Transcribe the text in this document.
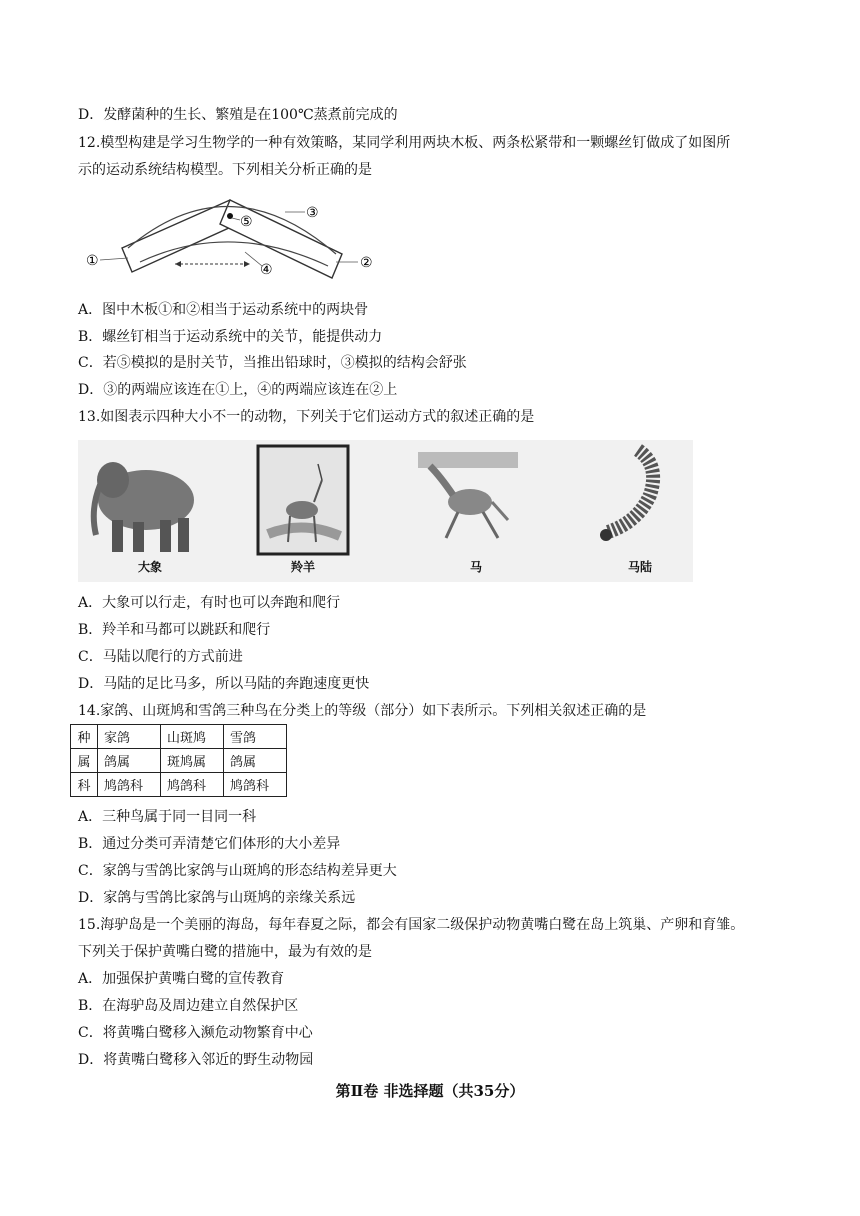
D．发酵菌种的生长、繁殖是在100℃蒸煮前完成的
12.模型构建是学习生物学的一种有效策略，某同学利用两块木板、两条松紧带和一颗螺丝钉做成了如图所
示的运动系统结构模型。下列相关分析正确的是
①	②
③
④
⑤
A．图中木板①和②相当于运动系统中的两块骨
B．螺丝钉相当于运动系统中的关节，能提供动力
C．若⑤模拟的是肘关节，当推出铅球时，③模拟的结构会舒张
D．③的两端应该连在①上，④的两端应该连在②上
13.如图表示四种大小不一的动物，下列关于它们运动方式的叙述正确的是
大象	羚羊	马	马陆
A．大象可以行走，有时也可以奔跑和爬行
B．羚羊和马都可以跳跃和爬行
C．马陆以爬行的方式前进
D．马陆的足比马多，所以马陆的奔跑速度更快
14.家鸽、山斑鸠和雪鸽三种鸟在分类上的等级（部分）如下表所示。下列相关叙述正确的是
种	家鸽	山斑鸠	雪鸽
属	鸽属	斑鸠属	鸽属
科	鸠鸽科	鸠鸽科	鸠鸽科
A．三种鸟属于同一目同一科
B．通过分类可弄清楚它们体形的大小差异
C．家鸽与雪鸽比家鸽与山斑鸠的形态结构差异更大
D．家鸽与雪鸽比家鸽与山斑鸠的亲缘关系远
15.海驴岛是一个美丽的海岛，每年春夏之际，都会有国家二级保护动物黄嘴白鹭在岛上筑巢、产卵和育雏。
下列关于保护黄嘴白鹭的措施中，最为有效的是
A．加强保护黄嘴白鹭的宣传教育
B．在海驴岛及周边建立自然保护区
C．将黄嘴白鹭移入濒危动物繁育中心
D．将黄嘴白鹭移入邻近的野生动物园
第Ⅱ卷 非选择题（共35分）
